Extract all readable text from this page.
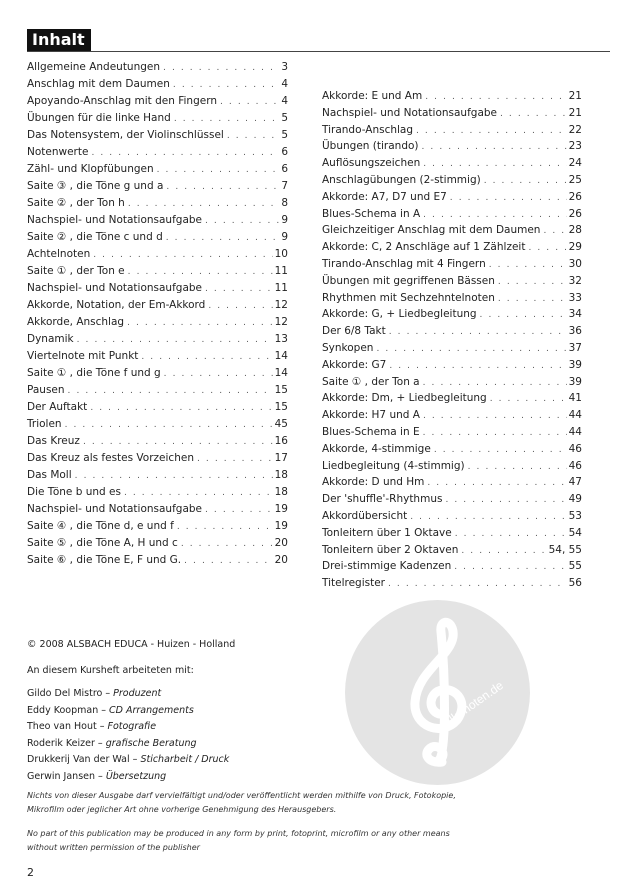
alle-noten.de
Inhalt
Allgemeine Andeutungen . . .	3
Anschlag mit dem Daumen . . .	4
Apoyando-Anschlag mit den Fingern . . .	4
Übungen für die linke Hand . . .	5
Das Notensystem, der Violinschlüssel . . .	5
Notenwerte . . .	6
Zähl- und Klopfübungen . . .	6
Saite ③ , die Töne g und a . . .	7
Saite ② , der Ton h . . .	8
Nachspiel- und Notationsaufgabe . . .	9
Saite ② , die Töne c und d . . .	9
Achtelnoten . . .	10
Saite ① , der Ton e . . .	11
Nachspiel- und Notationsaufgabe . . .	11
Akkorde, Notation, der Em-Akkord . . .	12
Akkorde, Anschlag . . .	12
Dynamik . . .	13
Viertelnote mit Punkt . . .	14
Saite ① , die Töne f und g . . .	14
Pausen . . .	15
Der Auftakt . . .	15
Triolen . . .	45
Das Kreuz . . .	16
Das Kreuz als festes Vorzeichen . . .	17
Das Moll . . .	18
Die Töne b und es . . .	18
Nachspiel- und Notationsaufgabe . . .	19
Saite ④ , die Töne d, e und f . . .	19
Saite ⑤ , die Töne A, H und c . . .	20
Saite ⑥ , die Töne E, F und G. . . .	20
Akkorde: E und Am . . .	21
Nachspiel- und Notationsaufgabe . . .	21
Tirando-Anschlag . . .	22
Übungen (tirando) . . .	23
Auflösungszeichen . . .	24
Anschlagübungen (2-stimmig) . . .	25
Akkorde: A7, D7 und E7 . . .	26
Blues-Schema in A . . .	26
Gleichzeitiger Anschlag mit dem Daumen . . .	28
Akkorde: C, 2 Anschläge auf 1 Zählzeit . . .	29
Tirando-Anschlag mit 4 Fingern . . .	30
Übungen mit gegriffenen Bässen . . .	32
Rhythmen mit Sechzehntelnoten . . .	33
Akkorde: G, + Liedbegleitung . . .	34
Der 6/8 Takt . . .	36
Synkopen . . .	37
Akkorde: G7 . . .	39
Saite ① , der Ton a . . .	39
Akkorde: Dm, + Liedbegleitung . . .	41
Akkorde: H7 und A . . .	44
Blues-Schema in E . . .	44
Akkorde, 4-stimmige . . .	46
Liedbegleitung (4-stimmig) . . .	46
Akkorde: D und Hm . . .	47
Der 'shuffle'-Rhythmus . . .	49
Akkordübersicht . . .	53
Tonleitern über 1 Oktave . . .	54
Tonleitern über 2 Oktaven . . .	54, 55
Drei-stimmige Kadenzen . . .	55
Titelregister . . .	56
© 2008 ALSBACH EDUCA - Huizen - Holland
An diesem Kursheft arbeiteten mit:
Gildo Del Mistro – Produzent
Eddy Koopman – CD Arrangements
Theo van Hout – Fotografie
Roderik Keizer – grafische Beratung
Drukkerij Van der Wal – Sticharbeit / Druck
Gerwin Jansen – Übersetzung
Nichts von dieser Ausgabe darf vervielfältigt und/oder veröffentlicht werden mithilfe von Druck, Fotokopie,
Mikrofilm oder jeglicher Art ohne vorherige Genehmigung des Herausgebers.
No part of this publication may be produced in any form by print, fotoprint, microfilm or any other means
without written permission of the publisher
2
